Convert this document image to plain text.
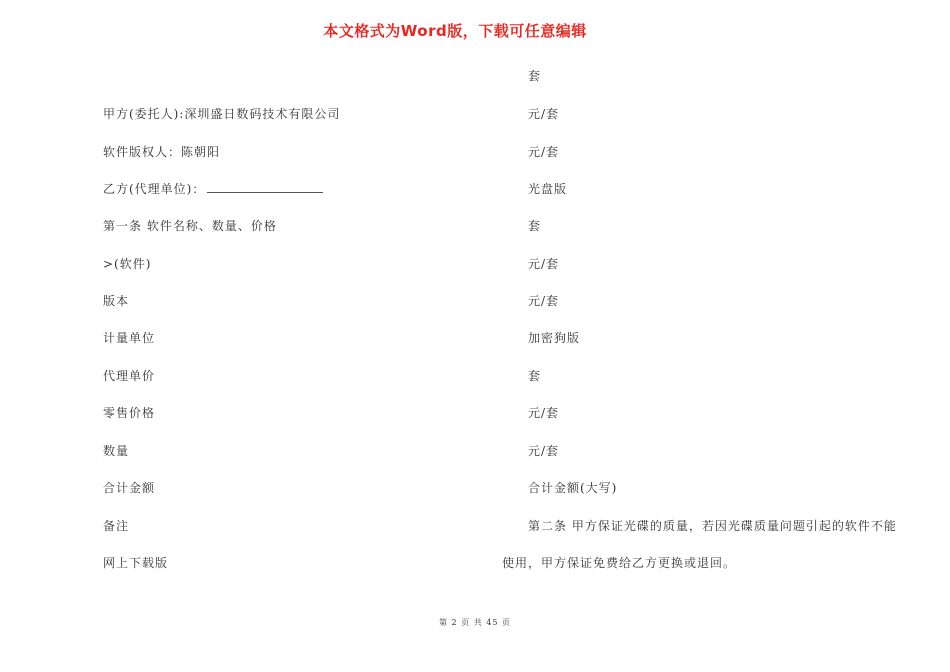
本文格式为Word版，下载可任意编辑
甲方(委托人):深圳盛日数码技术有限公司
软件版权人：陈朝阳
乙方(代理单位)：
第一条 软件名称、数量、价格
>(软件)
版本
计量单位
代理单价
零售价格
数量
合计金额
备注
网上下载版
套
元/套
元/套
光盘版
套
元/套
元/套
加密狗版
套
元/套
元/套
合计金额(大写)
第二条 甲方保证光碟的质量，若因光碟质量问题引起的软件不能
使用，甲方保证免费给乙方更换或退回。
第 2 页 共 45 页
